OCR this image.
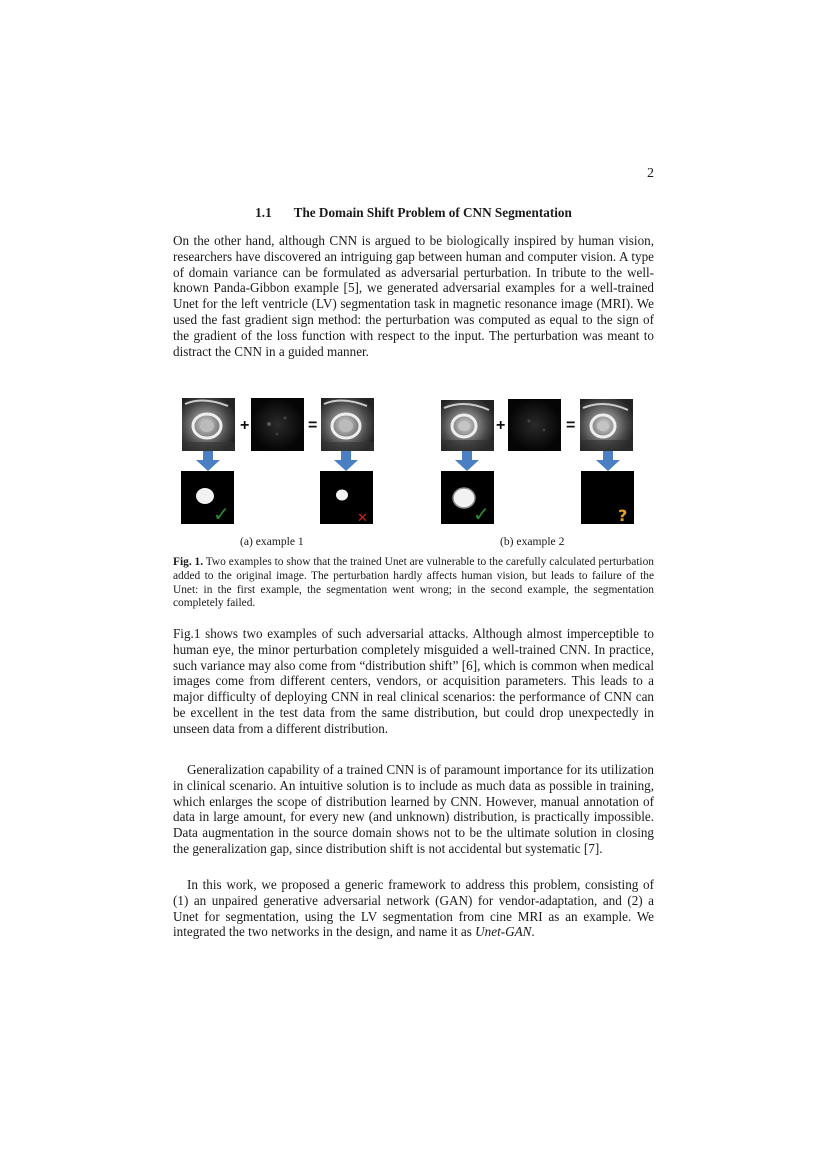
2
1.1 The Domain Shift Problem of CNN Segmentation

On the other hand, although CNN is argued to be biologically inspired by human vision, researchers have discovered an intriguing gap between human and computer vision. A type of domain variance can be formulated as adversarial perturbation. In tribute to the well-known Panda-Gibbon example [5], we generated adversarial examples for a well-trained Unet for the left ventricle (LV) segmentation task in magnetic resonance image (MRI). We used the fast gradient sign method: the perturbation was computed as equal to the sign of the gradient of the loss function with respect to the input. The perturbation was meant to distract the CNN in a guided manner.

+	=
✓	✕
+	=
✓	?
(a) example 1	(b) example 2

Fig. 1. Two examples to show that the trained Unet are vulnerable to the carefully calculated perturbation added to the original image. The perturbation hardly affects human vision, but leads to failure of the Unet: in the first example, the segmentation went wrong; in the second example, the segmentation completely failed.

Fig.1 shows two examples of such adversarial attacks. Although almost imperceptible to human eye, the minor perturbation completely misguided a well-trained CNN. In practice, such variance may also come from “distribution shift” [6], which is common when medical images come from different centers, vendors, or acquisition parameters. This leads to a major difficulty of deploying CNN in real clinical scenarios: the performance of CNN can be excellent in the test data from the same distribution, but could drop unexpectedly in unseen data from a different distribution.

Generalization capability of a trained CNN is of paramount importance for its utilization in clinical scenario. An intuitive solution is to include as much data as possible in training, which enlarges the scope of distribution learned by CNN. However, manual annotation of data in large amount, for every new (and unknown) distribution, is practically impossible. Data augmentation in the source domain shows not to be the ultimate solution in closing the generalization gap, since distribution shift is not accidental but systematic [7].

In this work, we proposed a generic framework to address this problem, consisting of (1) an unpaired generative adversarial network (GAN) for vendor-adaptation, and (2) a Unet for segmentation, using the LV segmentation from cine MRI as an example. We integrated the two networks in the design, and name it as Unet-GAN.
